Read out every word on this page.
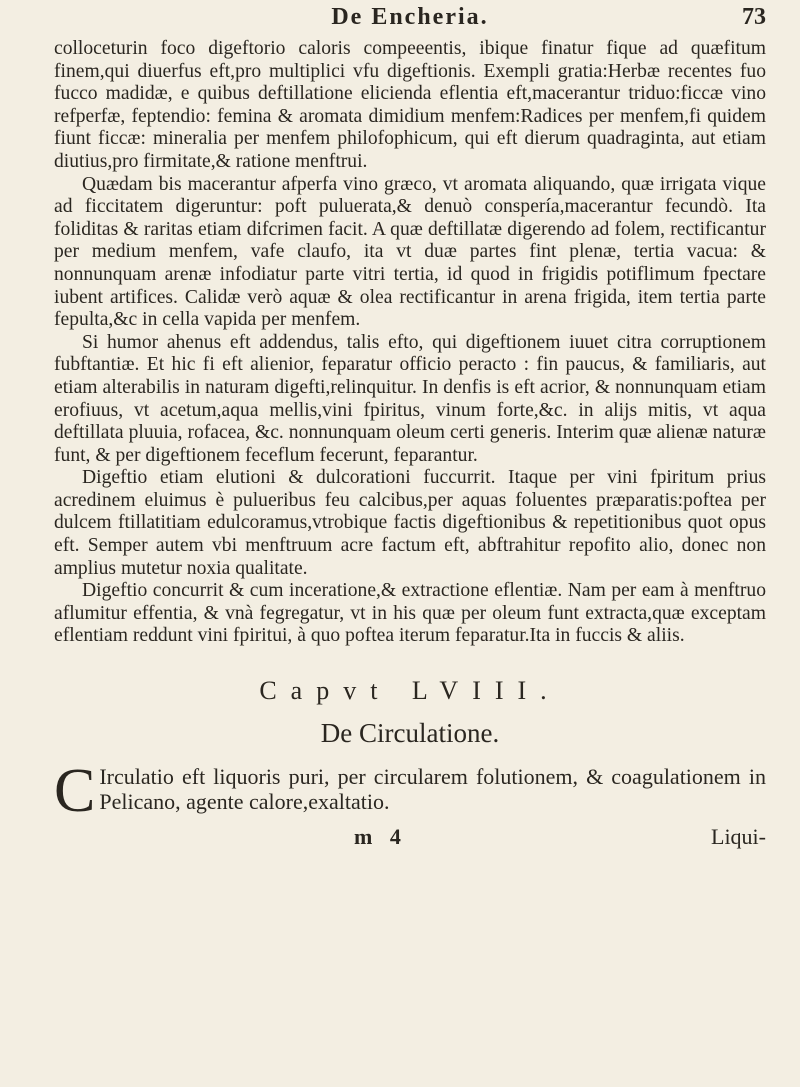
De Encheria.	73

colloceturin foco digeftorio caloris compeeentis, ibique finatur fique ad quæfitum finem,qui diuerfus eft,pro multiplici vfu digeftionis. Exempli gratia:Herbæ recentes fuo fucco madidæ, e quibus deftillatione elicienda eflentia eft,macerantur triduo:ficcæ vino refperfæ, feptendio: femina & aromata dimidium menfem:Radices per menfem,fi quidem fiunt ficcæ: mineralia per menfem philofophicum, qui eft dierum quadraginta, aut etiam diutius,pro firmitate,& ratione menftrui.

Quædam bis macerantur afperfa vino græco, vt aromata aliquando, quæ irrigata vique ad ficcitatem digeruntur: poft puluerata,& denuò conspería,macerantur fecundò. Ita foliditas & raritas etiam difcrimen facit. A quæ deftillatæ digerendo ad folem, rectificantur per medium menfem, vafe claufo, ita vt duæ partes fint plenæ, tertia vacua: & nonnunquam arenæ infodiatur parte vitri tertia, id quod in frigidis potiflimum fpectare iubent artifices. Calidæ verò aquæ & olea rectificantur in arena frigida, item tertia parte fepulta,&c in cella vapida per menfem.

Si humor ahenus eft addendus, talis efto, qui digeftionem iuuet citra corruptionem fubftantiæ. Et hic fi eft alienior, feparatur officio peracto : fin paucus, & familiaris, aut etiam alterabilis in naturam digefti,relinquitur. In denfis is eft acrior, & nonnunquam etiam erofiuus, vt acetum,aqua mellis,vini fpiritus, vinum forte,&c. in alijs mitis, vt aqua deftillata pluuia, rofacea, &c. nonnunquam oleum certi generis. Interim quæ alienæ naturæ funt, & per digeftionem feceflum fecerunt, feparantur.

Digeftio etiam elutioni & dulcorationi fuccurrit. Itaque per vini fpiritum prius acredinem eluimus è pulueribus feu calcibus,per aquas foluentes præparatis:poftea per dulcem ftillatitiam edulcoramus,vtrobique factis digeftionibus & repetitionibus quot opus eft. Semper autem vbi menftruum acre factum eft, abftrahitur repofito alio, donec non amplius mutetur noxia qualitate.

Digeftio concurrit & cum inceratione,& extractione eflentiæ. Nam per eam à menftruo aflumitur effentia, & vnà fegregatur, vt in his quæ per oleum funt extracta,quæ exceptam eflentiam reddunt vini fpiritui, à quo poftea iterum feparatur.Ita in fuccis & aliis.

Capvt LVIII.
De Circulatione.
C Irculatio eft liquoris puri, per circularem folutionem, & coagulationem in Pelicano, agente calore,exaltatio.
m 4	Liqui-
